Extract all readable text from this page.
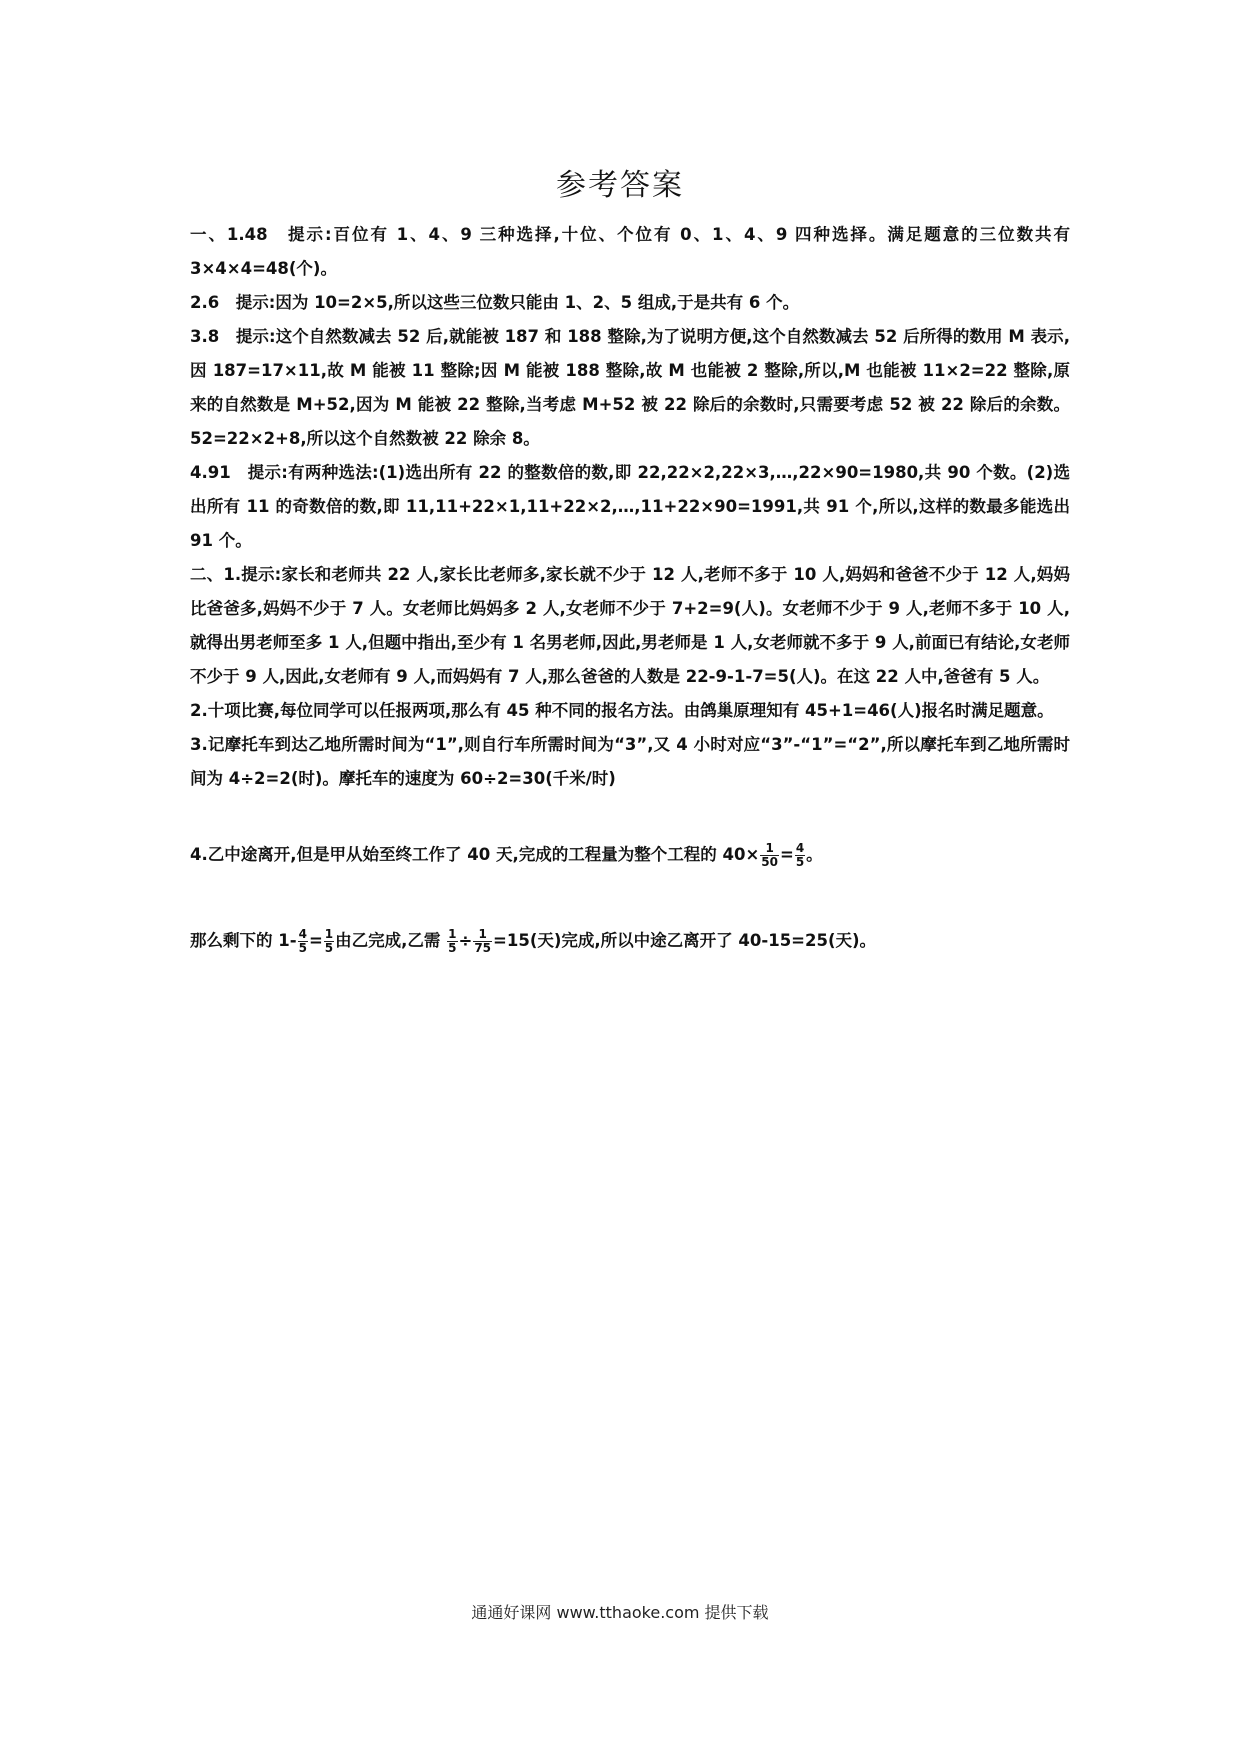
参考答案

一、1.48　提示:百位有 1、4、9 三种选择,十位、个位有 0、1、4、9 四种选择。满足题意的三位数共有 3×4×4=48(个)。

2.6　提示:因为 10=2×5,所以这些三位数只能由 1、2、5 组成,于是共有 6 个。

3.8　提示:这个自然数减去 52 后,就能被 187 和 188 整除,为了说明方便,这个自然数减去 52 后所得的数用 M 表示,因 187=17×11,故 M 能被 11 整除;因 M 能被 188 整除,故 M 也能被 2 整除,所以,M 也能被 11×2=22 整除,原来的自然数是 M+52,因为 M 能被 22 整除,当考虑 M+52 被 22 除后的余数时,只需要考虑 52 被 22 除后的余数。52=22×2+8,所以这个自然数被 22 除余 8。

4.91　提示:有两种选法:(1)选出所有 22 的整数倍的数,即 22,22×2,22×3,…,22×90=1980,共 90 个数。(2)选出所有 11 的奇数倍的数,即 11,11+22×1,11+22×2,…,11+22×90=1991,共 91 个,所以,这样的数最多能选出 91 个。

二、1.提示:家长和老师共 22 人,家长比老师多,家长就不少于 12 人,老师不多于 10 人,妈妈和爸爸不少于 12 人,妈妈比爸爸多,妈妈不少于 7 人。女老师比妈妈多 2 人,女老师不少于 7+2=9(人)。女老师不少于 9 人,老师不多于 10 人,就得出男老师至多 1 人,但题中指出,至少有 1 名男老师,因此,男老师是 1 人,女老师就不多于 9 人,前面已有结论,女老师不少于 9 人,因此,女老师有 9 人,而妈妈有 7 人,那么爸爸的人数是 22-9-1-7=5(人)。在这 22 人中,爸爸有 5 人。

2.十项比赛,每位同学可以任报两项,那么有 45 种不同的报名方法。由鸽巢原理知有 45+1=46(人)报名时满足题意。

3.记摩托车到达乙地所需时间为“1”,则自行车所需时间为“3”,又 4 小时对应“3”-“1”=“2”,所以摩托车到乙地所需时间为 4÷2=2(时)。摩托车的速度为 60÷2=30(千米/时)

4.乙中途离开,但是甲从始至终工作了 40 天,完成的工程量为整个工程的 $40\times \frac{1}{50} = \frac{4}{5}$ 。

那么剩下的 $1- \frac{4}{5} = \frac{1}{5}$ 由乙完成,乙需 $\frac{1}{5} \div \frac{1}{75} =15$(天)完成,所以中途乙离开了 40-15=25(天)。

通通好课网 www.tthaoke.com 提供下载
